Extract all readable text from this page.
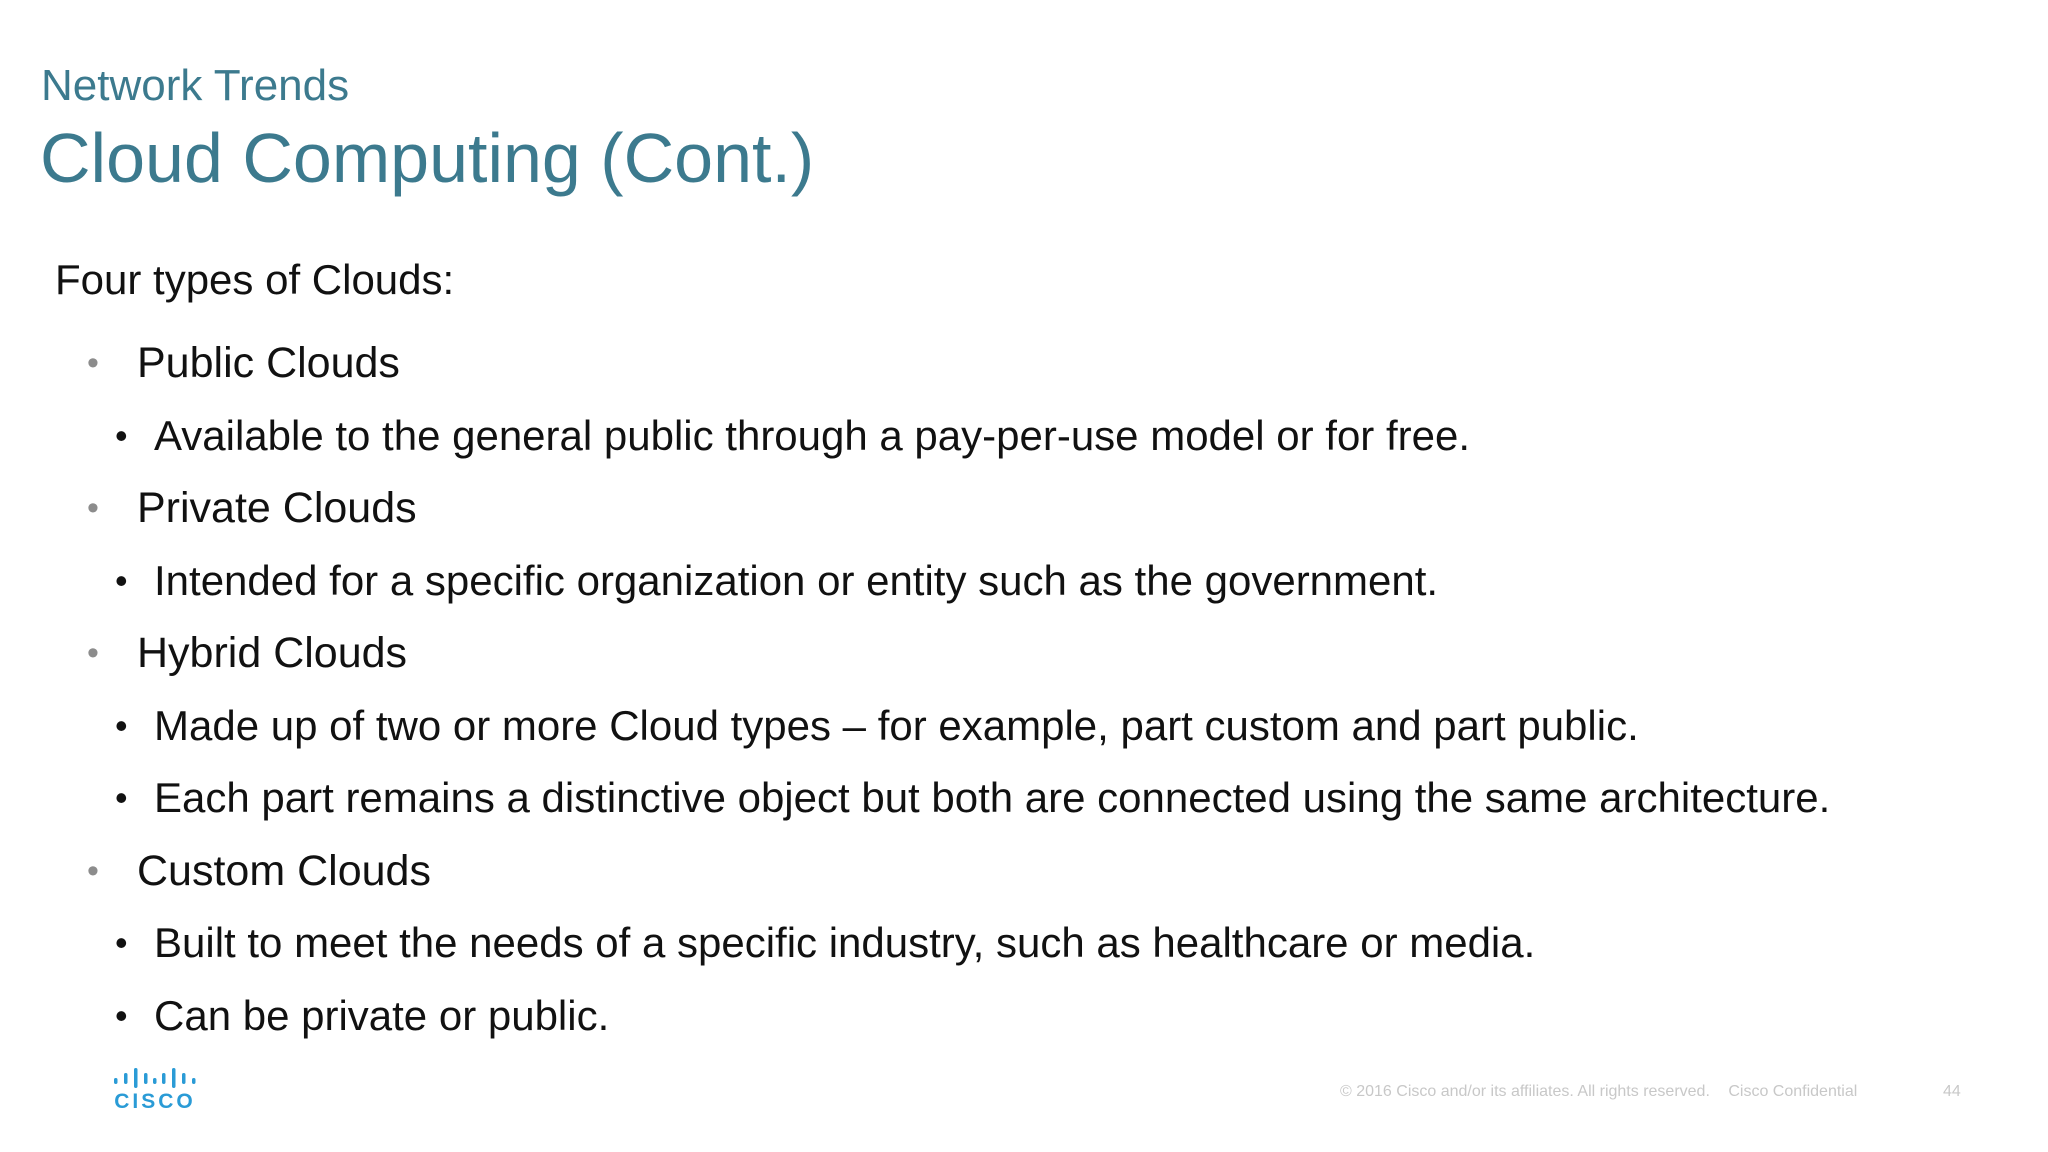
Network Trends
Cloud Computing (Cont.)
Four types of Clouds:
• Public Clouds
• Available to the general public through a pay-per-use model or for free.
• Private Clouds
• Intended for a specific organization or entity such as the government.
• Hybrid Clouds
• Made up of two or more Cloud types – for example, part custom and part public.
• Each part remains a distinctive object but both are connected using the same architecture.
• Custom Clouds
• Built to meet the needs of a specific industry, such as healthcare or media.
• Can be private or public.
CISCO	© 2016 Cisco and/or its affiliates. All rights reserved. Cisco Confidential	44
